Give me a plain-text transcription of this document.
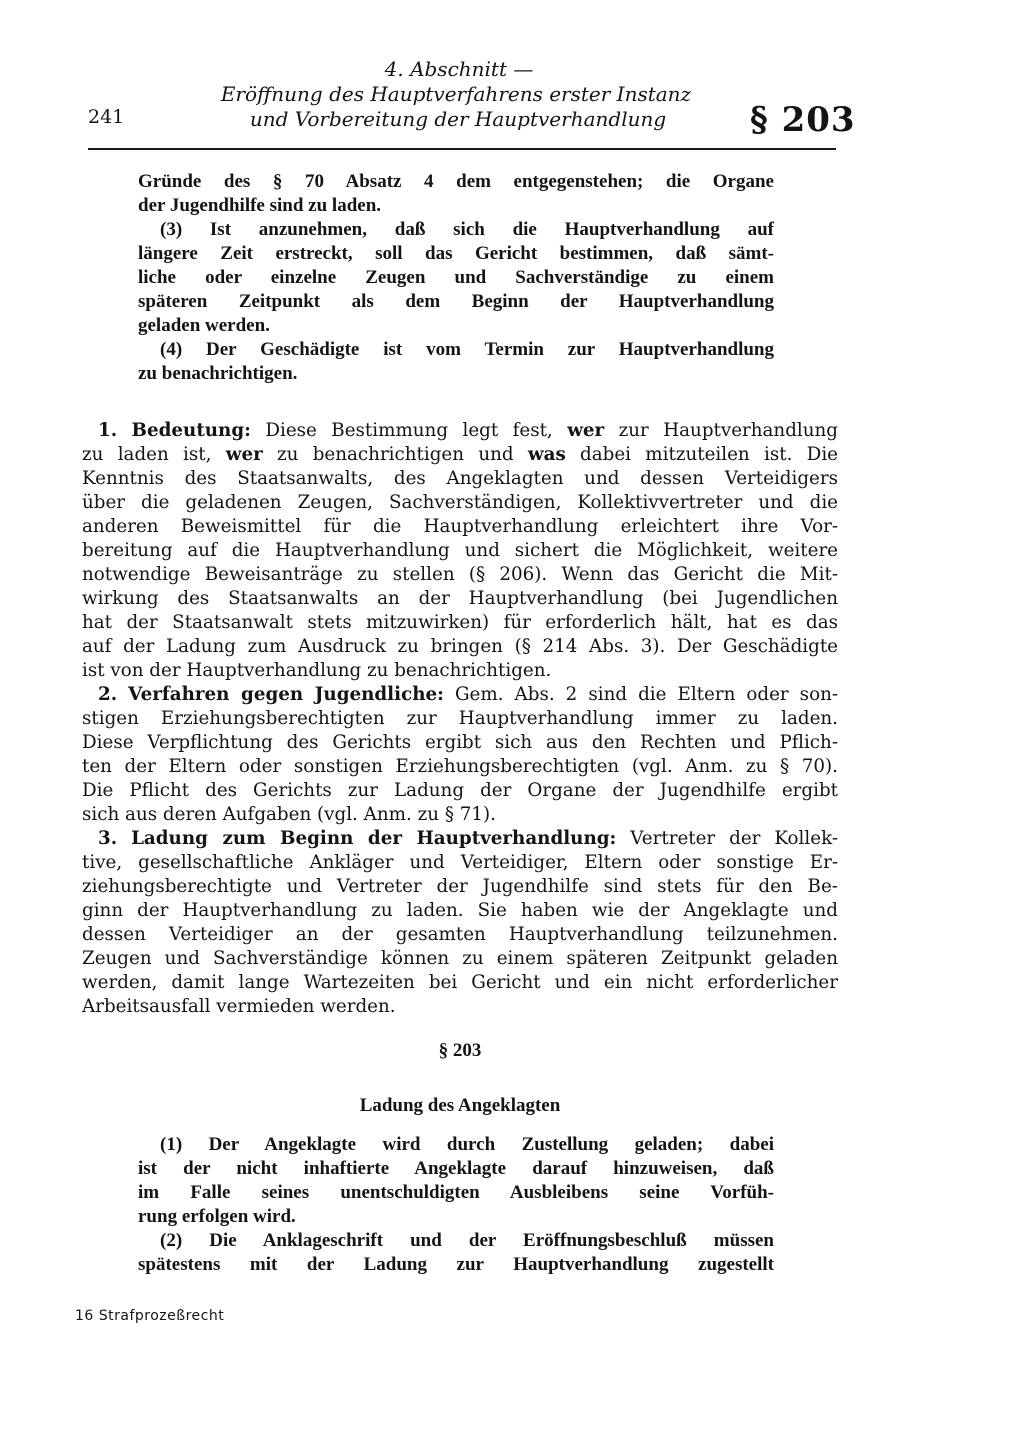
4. Abschnitt —
Eröffnung des Hauptverfahrens erster Instanz
und Vorbereitung der Hauptverhandlung
241	§ 203
Gründe des § 70 Absatz 4 dem entgegenstehen; die Organe
der Jugendhilfe sind zu laden.
(3) Ist anzunehmen, daß sich die Hauptverhandlung auf
längere Zeit erstreckt, soll das Gericht bestimmen, daß sämt-
liche oder einzelne Zeugen und Sachverständige zu einem
späteren Zeitpunkt als dem Beginn der Hauptverhandlung
geladen werden.
(4) Der Geschädigte ist vom Termin zur Hauptverhandlung
zu benachrichtigen.
1. Bedeutung: Diese Bestimmung legt fest, wer zur Hauptverhandlung
zu laden ist, wer zu benachrichtigen und was dabei mitzuteilen ist. Die
Kenntnis des Staatsanwalts, des Angeklagten und dessen Verteidigers
über die geladenen Zeugen, Sachverständigen, Kollektivvertreter und die
anderen Beweismittel für die Hauptverhandlung erleichtert ihre Vor-
bereitung auf die Hauptverhandlung und sichert die Möglichkeit, weitere
notwendige Beweisanträge zu stellen (§ 206). Wenn das Gericht die Mit-
wirkung des Staatsanwalts an der Hauptverhandlung (bei Jugendlichen
hat der Staatsanwalt stets mitzuwirken) für erforderlich hält, hat es das
auf der Ladung zum Ausdruck zu bringen (§ 214 Abs. 3). Der Geschädigte
ist von der Hauptverhandlung zu benachrichtigen.
2. Verfahren gegen Jugendliche: Gem. Abs. 2 sind die Eltern oder son-
stigen Erziehungsberechtigten zur Hauptverhandlung immer zu laden.
Diese Verpflichtung des Gerichts ergibt sich aus den Rechten und Pflich-
ten der Eltern oder sonstigen Erziehungsberechtigten (vgl. Anm. zu § 70).
Die Pflicht des Gerichts zur Ladung der Organe der Jugendhilfe ergibt
sich aus deren Aufgaben (vgl. Anm. zu § 71).
3. Ladung zum Beginn der Hauptverhandlung: Vertreter der Kollek-
tive, gesellschaftliche Ankläger und Verteidiger, Eltern oder sonstige Er-
ziehungsberechtigte und Vertreter der Jugendhilfe sind stets für den Be-
ginn der Hauptverhandlung zu laden. Sie haben wie der Angeklagte und
dessen Verteidiger an der gesamten Hauptverhandlung teilzunehmen.
Zeugen und Sachverständige können zu einem späteren Zeitpunkt geladen
werden, damit lange Wartezeiten bei Gericht und ein nicht erforderlicher
Arbeitsausfall vermieden werden.
§ 203
Ladung des Angeklagten
(1) Der Angeklagte wird durch Zustellung geladen; dabei
ist der nicht inhaftierte Angeklagte darauf hinzuweisen, daß
im Falle seines unentschuldigten Ausbleibens seine Vorfüh-
rung erfolgen wird.
(2) Die Anklageschrift und der Eröffnungsbeschluß müssen
spätestens mit der Ladung zur Hauptverhandlung zugestellt
16 Strafprozeßrecht
